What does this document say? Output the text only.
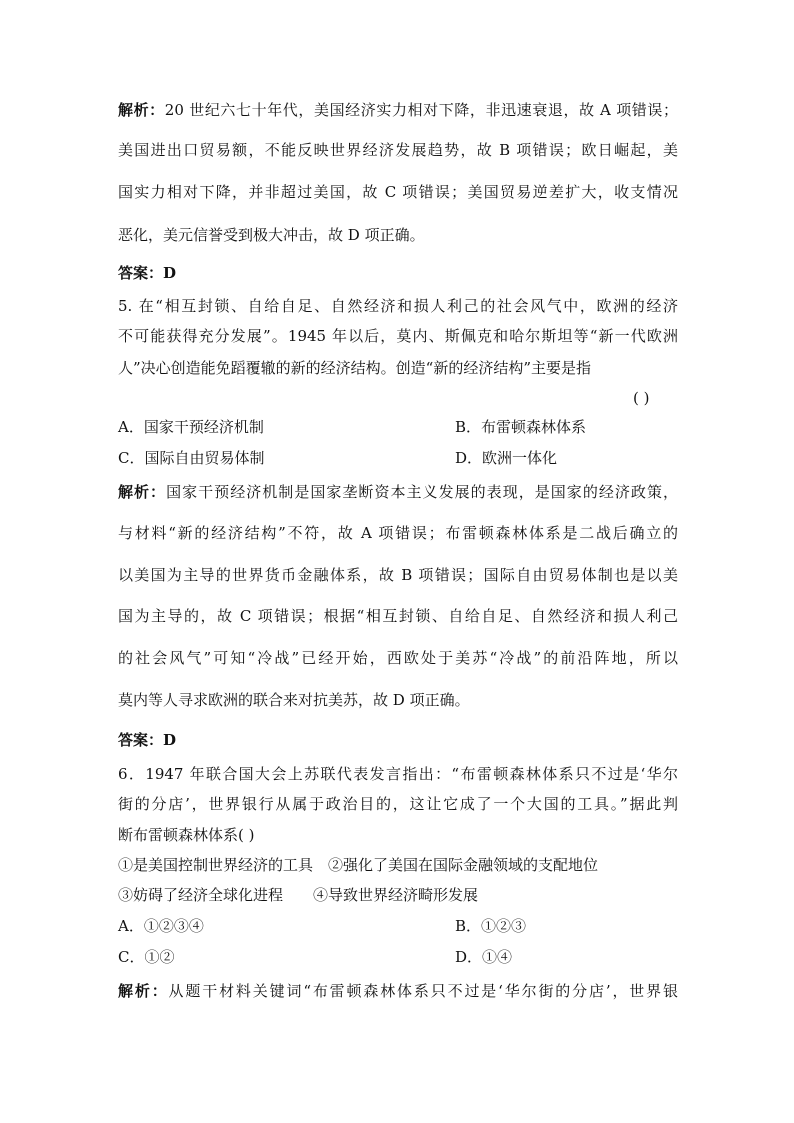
解析：20 世纪六七十年代，美国经济实力相对下降，非迅速衰退，故 A 项错误；
美国进出口贸易额，不能反映世界经济发展趋势，故 B 项错误；欧日崛起，美
国实力相对下降，并非超过美国，故 C 项错误；美国贸易逆差扩大，收支情况
恶化，美元信誉受到极大冲击，故 D 项正确。
答案：D
5. 在“相互封锁、自给自足、自然经济和损人利己的社会风气中，欧洲的经济
不可能获得充分发展”。1945 年以后，莫内、斯佩克和哈尔斯坦等“新一代欧洲
人”决心创造能免蹈覆辙的新的经济结构。创造“新的经济结构”主要是指
( )
A．国家干预经济机制	B．布雷顿森林体系
C．国际自由贸易体制	D．欧洲一体化
解析：国家干预经济机制是国家垄断资本主义发展的表现，是国家的经济政策，
与材料“新的经济结构”不符，故 A 项错误；布雷顿森林体系是二战后确立的
以美国为主导的世界货币金融体系，故 B 项错误；国际自由贸易体制也是以美
国为主导的，故 C 项错误；根据“相互封锁、自给自足、自然经济和损人利己
的社会风气”可知“冷战”已经开始，西欧处于美苏“冷战”的前沿阵地，所以
莫内等人寻求欧洲的联合来对抗美苏，故 D 项正确。
答案：D
6．1947 年联合国大会上苏联代表发言指出：“布雷顿森林体系只不过是‘华尔
街的分店’，世界银行从属于政治目的，这让它成了一个大国的工具。”据此判
断布雷顿森林体系( )
①是美国控制世界经济的工具　②强化了美国在国际金融领域的支配地位
③妨碍了经济全球化进程　　④导致世界经济畸形发展
A．①②③④	B．①②③
C．①②	D．①④
解析：从题干材料关键词“布雷顿森林体系只不过是‘华尔街的分店’，世界银
